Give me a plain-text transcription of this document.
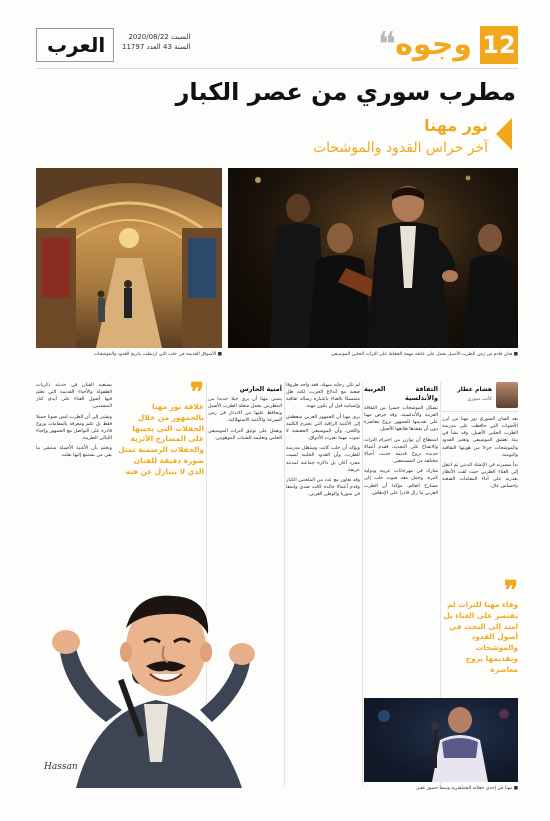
12
وجوه
❝
العرب	السبت 2020/08/22
السنة 43 العدد 11797
مطرب سوري من عصر الكبار
نور مهنا
آخر حراس القدود والموشحات
■ فنان قادم من زمن الطرب الأصيل يحمل على عاتقه مهمة الحفاظ على التراث الحلبي الموسيقي
■ الأسواق القديمة في حلب التي ارتبطت بتاريخ القدود والموشحات
هشام عطار
كاتب سوري

يعد الفنان السوري نور مهنا من أبرز الأصوات التي حافظت على مدرسة الطرب الحلبي الأصيل، وقد نشأ في بيئة تعشق الموسيقى وتعتبر القدود والموشحات جزءا من هويتها الثقافية واليومية.

بدأ مسيرته في الإنشاد الديني ثم انتقل إلى الغناء الطربي حيث لفت الأنظار بقدرته على أداء المقامات الصعبة بإحساس عال.

الثقافة العربية والأندلسية

تشكل الموشحات جسرا بين الثقافة العربية والأندلسية، وقد حرص مهنا على تقديمها للجمهور بروح معاصرة دون أن يفقدها طابعها الأصيل.

استطاع أن يوازن بين احترام التراث والانفتاح على التجديد، فقدم أعمالا جديدة بروح قديمة جذبت أجيالا مختلفة من المستمعين.

شارك في مهرجانات عربية ودولية كثيرة، وحمل معه صوت حلب إلى مسارح العالم، مؤكدا أن الطرب العربي ما زال قادرا على الإدهاش.

لم تكن رحلته سهلة، فقد واجه ظروفا صعبة مع اندلاع الحرب، لكنه ظل متمسكا بالغناء باعتباره رسالة ثقافية وإنسانية قبل أن يكون مهنة.

يرى مهنا أن الجمهور العربي متعطش إلى الأغنية الراقية التي تحترم الكلمة واللحن، وأن الموسيقى الحقيقية لا تموت مهما تغيرت الأذواق.

ويؤكد أن حلب كانت وستظل مدرسة للطرب، وأن القدود الحلبية ليست مجرد أغان بل ذاكرة جماعية لمدينة عريقة.

وقد تعاون مع عدد من الملحنين الكبار وقدم أعمالا خالدة لاقت صدى واسعا في سوريا والوطن العربي.

أمنية الحارس

يتمنى مهنا أن يرى جيلا جديدا من المطربين يحمل شعلة الطرب الأصيل ويحافظ عليها من الاندثار في زمن السرعة والأغنية الاستهلاكية.

ويعمل على توثيق التراث الموسيقي الحلبي وتعليمه للشباب الموهوبين.

يستعيد الفنان في حديثه ذكريات الطفولة والأحياء القديمة التي تعلم فيها أصول الغناء على أيدي كبار المنشدين.

ويشير إلى أن الطرب ليس صوتا جميلا فقط بل علم ومعرفة بالمقامات وروح قادرة على التواصل مع الجمهور وإحياء الليالي الطربية.

ويختم بأن الأغنية الأصيلة ستبقى ما بقي من يستمع إليها بقلبه.

❞
علاقة نور مهنا بالجمهور من خلال الحفلات التي يحييها على المسارح الأثرية والحفلات الرسمية تمثل صورة دقيقة للفنان الذي لا يتنازل عن فنه
❞
وفاء مهنا للتراث لم يقتصر على الغناء بل امتد إلى البحث في أصول القدود والموشحات وتقديمها بروح معاصرة
Hassan
■ مهنا في إحدى حفلاته الجماهيرية وسط حضور غفير
